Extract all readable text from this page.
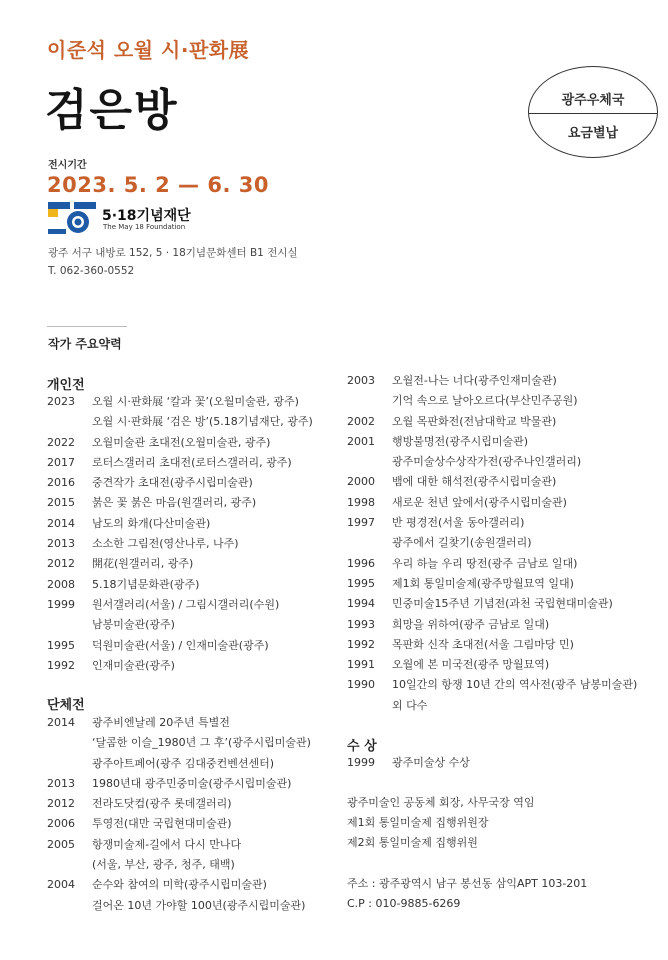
이준석 오월 시·판화展
검은방	광주우체국
요금별납
전시기간
2023. 5. 2 — 6. 30
5·18기념재단
The May 18 Foundation
광주 서구 내방로 152, 5 · 18기념문화센터 B1 전시실
T. 062-360-0552
작가 주요약력
개인전
2023 오월 시·판화展 ‘칼과 꽃’(오월미술관, 광주)
오월 시·판화展 ‘검은 방’(5.18기념재단, 광주)
2022 오월미술관 초대전(오월미술관, 광주)
2017 로터스갤러리 초대전(로터스갤러리, 광주)
2016 중견작가 초대전(광주시립미술관)
2015 붉은 꽃 붉은 마음(원갤러리, 광주)
2014 남도의 화개(다산미술관)
2013 소소한 그림전(영산나루, 나주)
2012 開花(원갤러리, 광주)
2008 5.18기념문화관(광주)
1999 원서갤러리(서울) / 그림시갤러리(수원)
남봉미술관(광주)
1995 덕원미술관(서울) / 인재미술관(광주)
1992 인재미술관(광주)
단체전
2014 광주비엔날레 20주년 특별전
‘달콤한 이슬_1980년 그 후’(광주시립미술관)
광주아트페어(광주 김대중컨벤션센터)
2013 1980년대 광주민중미술(광주시립미술관)
2012 전라도닷컴(광주 롯데갤러리)
2006 투영전(대만 국립현대미술관)
2005 항쟁미술제-길에서 다시 만나다
(서울, 부산, 광주, 청주, 태백)
2004 순수와 참여의 미학(광주시립미술관)
걸어온 10년 가야할 100년(광주시립미술관)
2003 오월전-나는 너다(광주인재미술관)
기억 속으로 날아오르다(부산민주공원)
2002 오월 목판화전(전남대학교 박물관)
2001 행방불명전(광주시립미술관)
광주미술상수상작가전(광주나인갤러리)
2000 뱀에 대한 해석전(광주시립미술관)
1998 새로운 천년 앞에서(광주시립미술관)
1997 반 평경전(서울 동아갤러리)
광주에서 길찾기(송원갤러리)
1996 우리 하늘 우리 땅전(광주 금남로 일대)
1995 제1회 통일미술제(광주망월묘역 일대)
1994 민중미술15주년 기념전(과천 국립현대미술관)
1993 희망을 위하여(광주 금남로 일대)
1992 목판화 신작 초대전(서울 그림마당 민)
1991 오월에 본 미국전(광주 망월묘역)
1990 10일간의 항쟁 10년 간의 역사전(광주 남봉미술관)
외 다수
수 상
1999 광주미술상 수상
광주미술인 공동체 회장, 사무국장 역임
제1회 통일미술제 집행위원장
제2회 통일미술제 집행위원
주소 : 광주광역시 남구 봉선동 삼익APT 103-201
C.P : 010-9885-6269
